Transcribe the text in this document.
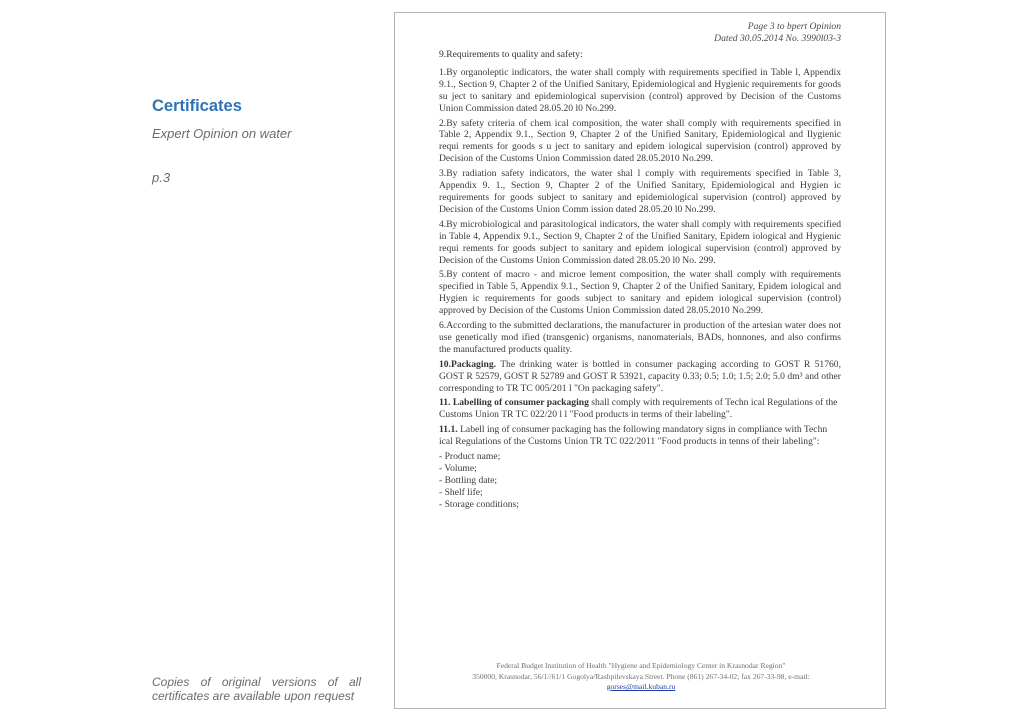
Certificates
Expert Opinion on water
p.3
Copies of original versions of all certificates are available upon request
Page 3 to bpert Opinion
Dated 30.05.2014 No. 3990l03-3
9.Requirements to quality and safety:

1.By organoleptic indicators, the water shall comply with requirements specified in Table l, Appendix 9.1., Section 9, Chapter 2 of the Unified Sanitary, Epidemiological and Hygienic requirements for goods su ject to sanitary and epidemiological supervision (control) approved by Decision of the Customs Union Commission dated 28.05.20 l0 No.299.

2.By safety criteria of chem ical composition, the water shall comply with requirements specified in Table 2, Appendix 9.1., Section 9, Chapter 2 of the Unified Sanitary, Epidemiological and Ilygienic requi rements for goods s u ject to sanitary and epidem iological supervision (control) approved by Decision of the Customs Union Commission dated 28.05.2010 No.299.

3.By radiation safety indicators, the water shal l comply with requirements specified in Table 3, Appendix 9. 1., Section 9, Chapter 2 of the Unified Sanitary, Epidemiological and Hygien ic requirements for goods subject to sanitary and epidemiological supervision (control) approved by Decision of the Customs Union Comm ission dated 28.05.20 l0 No.299.

4.By microbiological and parasitological indicators, the water shall comply with requirements specified in Table 4, Appendix 9.1., Section 9, Chapter 2 of the Unified Sanitary, Epidem iological and Hygienic requi rements for goods subject to sanitary and epidem iological supervision (control) approved by Decision of the Customs Union Commission dated 28.05.20 l0 No. 299.

5.By content of macro - and microe lement composition, the water shall comply with requirements specified in Table 5, Appendix 9.1., Section 9, Chapter 2 of the Unified Sanitary, Epidem iological and Hygien ic requirements for goods subject to sanitary and epidem iological supervision (control) approved by Decision of the Customs Union Commission dated 28.05.2010 No.299.

6.According to the submitted declarations, the manufacturer in production of the artesian water does not use genetically mod ified (transgenic) organisms, nanomaterials, BADs, honnones, and also confirms the manufactured products quality.

10.Packaging. The drinking water is bottled in consumer packaging according to GOST R 51760, GOST R 52579, GOST R 52789 and GOST R 53921, capacity 0.33; 0.5; 1.0; 1.5; 2.0; 5.0 dm³ and other corresponding to TR TC 005/201 l "On packaging safety".

11. Labelling of consumer packaging shall comply with requirements of Techn ical Regulations of the Customs Union TR TC 022/20 l l "Food products in terms of their labeling".

11.1. Labell ing of consumer packaging has the following mandatory signs in compliance with Techn ical Regulations of the Customs Union TR TC 022/2011 "Food products in tenns of their labeling":

- Product name;
- Volume;
- Bottling date;
- Shelf life;
- Storage conditions;
Federal Budget Institution of Health "Hygiene and Epidemiology Center in Krasnodar Region"
350000, Krasnodar, 56/1//61/1 Gogolya/Rashpilevskaya Street. Phone (861) 267-34-02; fax 267-33-98, e-mail:
gorses@mail.kuban.ru
